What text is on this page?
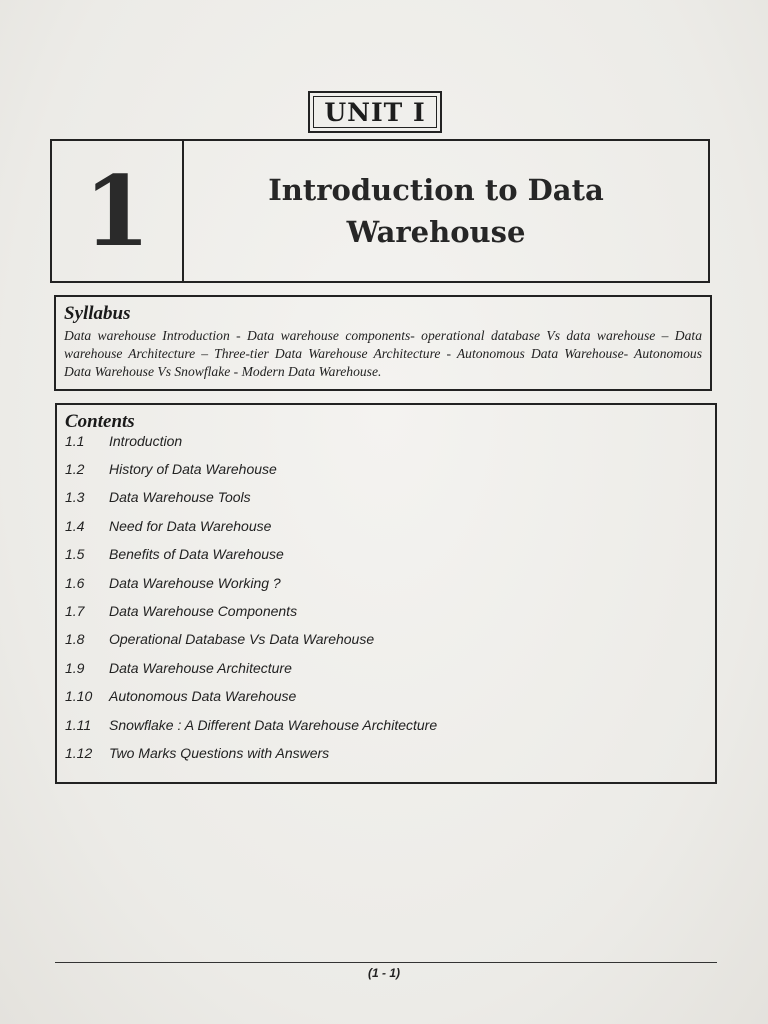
UNIT I
1	Introduction to Data Warehouse
Syllabus
Data warehouse Introduction - Data warehouse components- operational database Vs data warehouse – Data warehouse Architecture – Three-tier Data Warehouse Architecture - Autonomous Data Warehouse- Autonomous Data Warehouse Vs Snowflake - Modern Data Warehouse.
Contents
1.1	Introduction
1.2	History of Data Warehouse
1.3	Data Warehouse Tools
1.4	Need for Data Warehouse
1.5	Benefits of Data Warehouse
1.6	Data Warehouse Working ?
1.7	Data Warehouse Components
1.8	Operational Database Vs Data Warehouse
1.9	Data Warehouse Architecture
1.10	Autonomous Data Warehouse
1.11	Snowflake : A Different Data Warehouse Architecture
1.12	Two Marks Questions with Answers
(1 - 1)
